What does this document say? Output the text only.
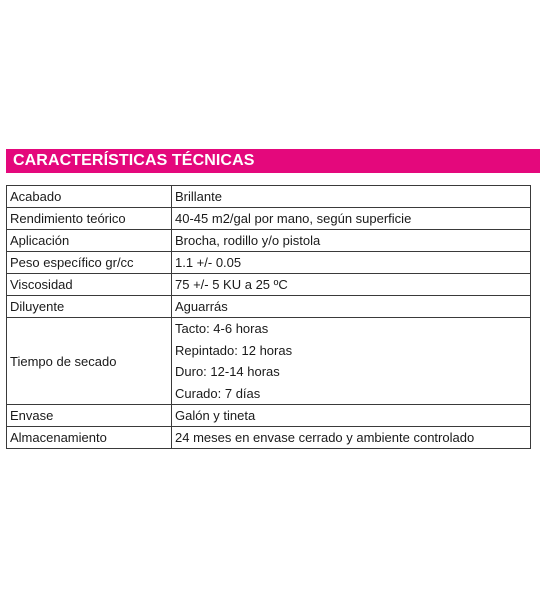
CARACTERÍSTICAS TÉCNICAS
Acabado	Brillante
Rendimiento teórico	40-45 m2/gal por mano, según superficie
Aplicación	Brocha, rodillo y/o pistola
Peso específico gr/cc	1.1 +/- 0.05
Viscosidad	75 +/- 5 KU a 25 ºC
Diluyente	Aguarrás
Tiempo de secado	Tacto: 4-6 horas
Repintado: 12 horas
Duro: 12-14 horas
Curado: 7 días

Envase	Galón y tineta
Almacenamiento	24 meses en envase cerrado y ambiente controlado
